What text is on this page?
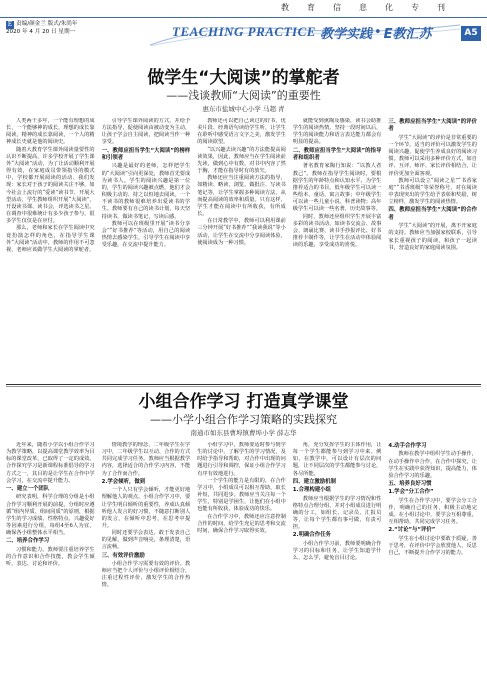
教育信息化专刊
E 责编/颜金兰 版式/朱尚年
2020 年 4 月 20 日 星期一	TEACHING PRACTICE 教学实践 • E教汇苏	A5
做学生“大阅读”的掌舵者
——浅谈教师“大阅读”的重要性
惠东市盐城中心小学 马超 青

人类两千多年，一个能有理想的成长，一个能够神的成长，理想的成长靠阅读，精神的成长靠阅读，一个人的精神成长史就是他的阅读史。

随着大教育学生课外阅读量要性的认识不断提高，许多学校开展了学生课外“大阅读”活动，为了让活动顺利开展得有效，在家庭成员带领指导的模式中，学校都开展阅读的活动、我们发现：家长对于孩子的阅读关注不够，如今社会上流行的“爱读”读书节、开展大型活动，学生教师组织开展“大阅读”，开设读书课、读书会，评选读书之星。在调查中很难统计有多少孩子参与，很多学生仅仅是在应付。

那么，老师和家长在学生阅读中究竟扮演怎样的角色，在指导学生课外“大阅读”活动中，教师的作用不可忽视，老师应该做学生大阅读的掌舵者。

引导学生课外阅读的方式，并给予方法指导，促使阅读由被动变为主动，让孩子学会自主阅读，把阅读当作一种享受。

一、教师应担当学生“大阅读”的榜样和引领者

兴趣是最好的老师，怎样把学生的“大阅读”引向更深处，教师首先要成为读书人。学生的阅读兴趣是第一位的，学生的阅读兴趣被点燃，他们才会积极主动的、持之以恒地去阅读。一个不读书的教师很难培养出爱读书的学生。教师要有自己的读书计划，每天坚持读书，做读书笔记，写读后感。

教师可以在班级里开展“读书分享会”“好书推荐”等活动，用自己的阅读热情去感染学生，引导学生在阅读中享受乐趣，在交流中提升能力。

教师还可以把自己读过的好书、优美片段、经典语句读给学生听，让学生在聆听中感受语言文字之美，激发学生的阅读欲望。

“以兴趣去读兴趣”的方法能提高阅读效果，因此，教师应当在学生阅读前先读，做到心中有数，对书中内容了然于胸，才能在指导时有的放矢。

教师还应当注重阅读方法的指导，如精读、略读、浏览、做批注、写读书笔记等，让学生掌握多种阅读方法，从而提高阅读的效率和质量。只有这样，学生才能在阅读中有所收获，有所成长。

在日常教学中，教师可以利用课前三分钟开展“好书推荐”“我读我说”等小活动，让学生在交流中分享阅读体验，使阅读成为一种习惯。

就能受到熏陶及感染，读书会助推学生的阅读热情。坚持一段时间以后，学生的阅读能力和语言表达能力都会有明显的提高。

二、教师应担当学生“大阅读”的指导者和组织者

著名教育家陶行知说：“以教人者教己”。教师在指导学生阅读时，要根据学生的年龄特点和认知水平，为学生推荐适合的书目。低年级学生可以读一些绘本、童话、寓言故事；中年级学生可以读一些儿童小说、科普读物；高年级学生可以读一些名著、历史故事等。

同时，教师还应组织学生开展丰富多彩的读书活动，如读书交流会、故事会、朗诵比赛、读书手抄报评比、好书推荐卡制作等，让学生在活动中体验阅读的乐趣，享受成功的喜悦。

三、教师应担当学生“大阅读”的评价者

学生“大阅读”的评价是非常重要的一个环节。适当的评价可以激发学生的阅读兴趣，促使学生养成良好的阅读习惯。教师可以采用多种评价方式，如自评、互评、师评、家长评价相结合，让评价更加全面客观。

教师可以设立“阅读之星”“书香家庭”“书香班级”等荣誉称号，对在阅读中表现突出的学生给予表彰和奖励，树立榜样，激发学生的阅读热情。

四、教师应担当学生“大阅读”的合作者

学生“大阅读”的开展，离不开家庭的支持。教师应当加强家校联系，引导家长重视孩子的阅读，和孩子一起读书，营造良好的家庭阅读氛围。

小组合作学习 打造真学课堂
——小学小组合作学习策略的实践探究
南通市如东县曹埠镇曹埠小学 薛志华

近年来，随着小学以小组合作学习为教学策略，以提高课堂教学效率为目标的课堂改革，已取得了一定的成效。合作探究学习是新课程标准倡导的学习方式之一，其目的是让学生在合作中学会学习，在交流中提升能力。

一、建立一个团队

研究表明，科学合理的分组是小组合作学习顺利开展的前提。分组时应遵循“组内异质、组间同质”的原则，根据学生的学习成绩、性格特点、兴趣爱好等因素进行分组，每组4至6人为宜，确保各小组整体水平相当。

二、培养合作学习

习惯和能力。教师要注重培养学生的合作意识和合作技能，教会学生倾听、表达、讨论和评价。

情境教学的理念，二年级学生在学习中，二年级学生以互动、合作的方式共同完成学习任务。教师应当根据教学内容，选择适合的合作学习内容，不能为了合作而合作。

2.学会倾听，做到

一个人只有学会倾听，才能更好地理解他人的观点。小组合作学习中，要让学生明白倾听的重要性，养成认真倾听他人发言的好习惯，不随意打断别人的发言，在倾听中思考，在思考中提升。

同时还要学会表达，敢于发表自己的见解，做到声音响亮，条理清楚，语言流畅。

三、有效评价激励

小组合作学习需要有效的评价。教师应当把个人评价与小组评价相结合，注重过程性评价，激发学生的合作热情。

小组学习中，教师要适时参与到学生的讨论中，了解学生的学习情况，及时给予指导和帮助，对合作中出现的问题进行引导和调控，保证小组合作学习有序有效地进行。

一个学生的能力是有限的，在合作学习中，小组成员可以相互帮助，取长补短，共同进步。教师应当关注每一个学生，特别是学困生，让他们在小组中也能有所收获，体验成功的快乐。

在合作学习中，教师还应注意控制合作的时间，给学生充足的思考和交流时间，确保合作学习取得实效。

角，充分发挥学生的主体作用，让每一个学生都能参与到学习中来。例如，在教学中，可以设计有层次的问题，让不同层次的学生都能参与讨论，各尽所能。

四、建立激励机制
1.合理构建小组

教师应当根据学生的学习情况和性格特点合理分组，并对小组成员进行明确的分工，如组长、记录员、汇报员等，让每个学生都有事可做，有责可担。

2.明确合作任务

小组合作学习前，教师要明确合作学习的目标和任务，让学生知道学什么、怎么学，避免盲目讨论。

4.动手合作学习

教师在教学中组织学生动手操作，在动手操作中合作，在合作中探究，让学生在实践中获得知识，提高能力，体验合作学习的乐趣。

五、培养良好习惯
1.学会“分工合作”

学生在合作学习中，要学会分工合作，明确自己的任务，积极主动地完成。在小组讨论中，要学会互相尊重，互相帮助，共同完成学习任务。

2.“讨论”与“评价”

学生在小组讨论中要敢于质疑，善于思考，在评价中学会欣赏他人，反思自己，不断提升合作学习的能力。
